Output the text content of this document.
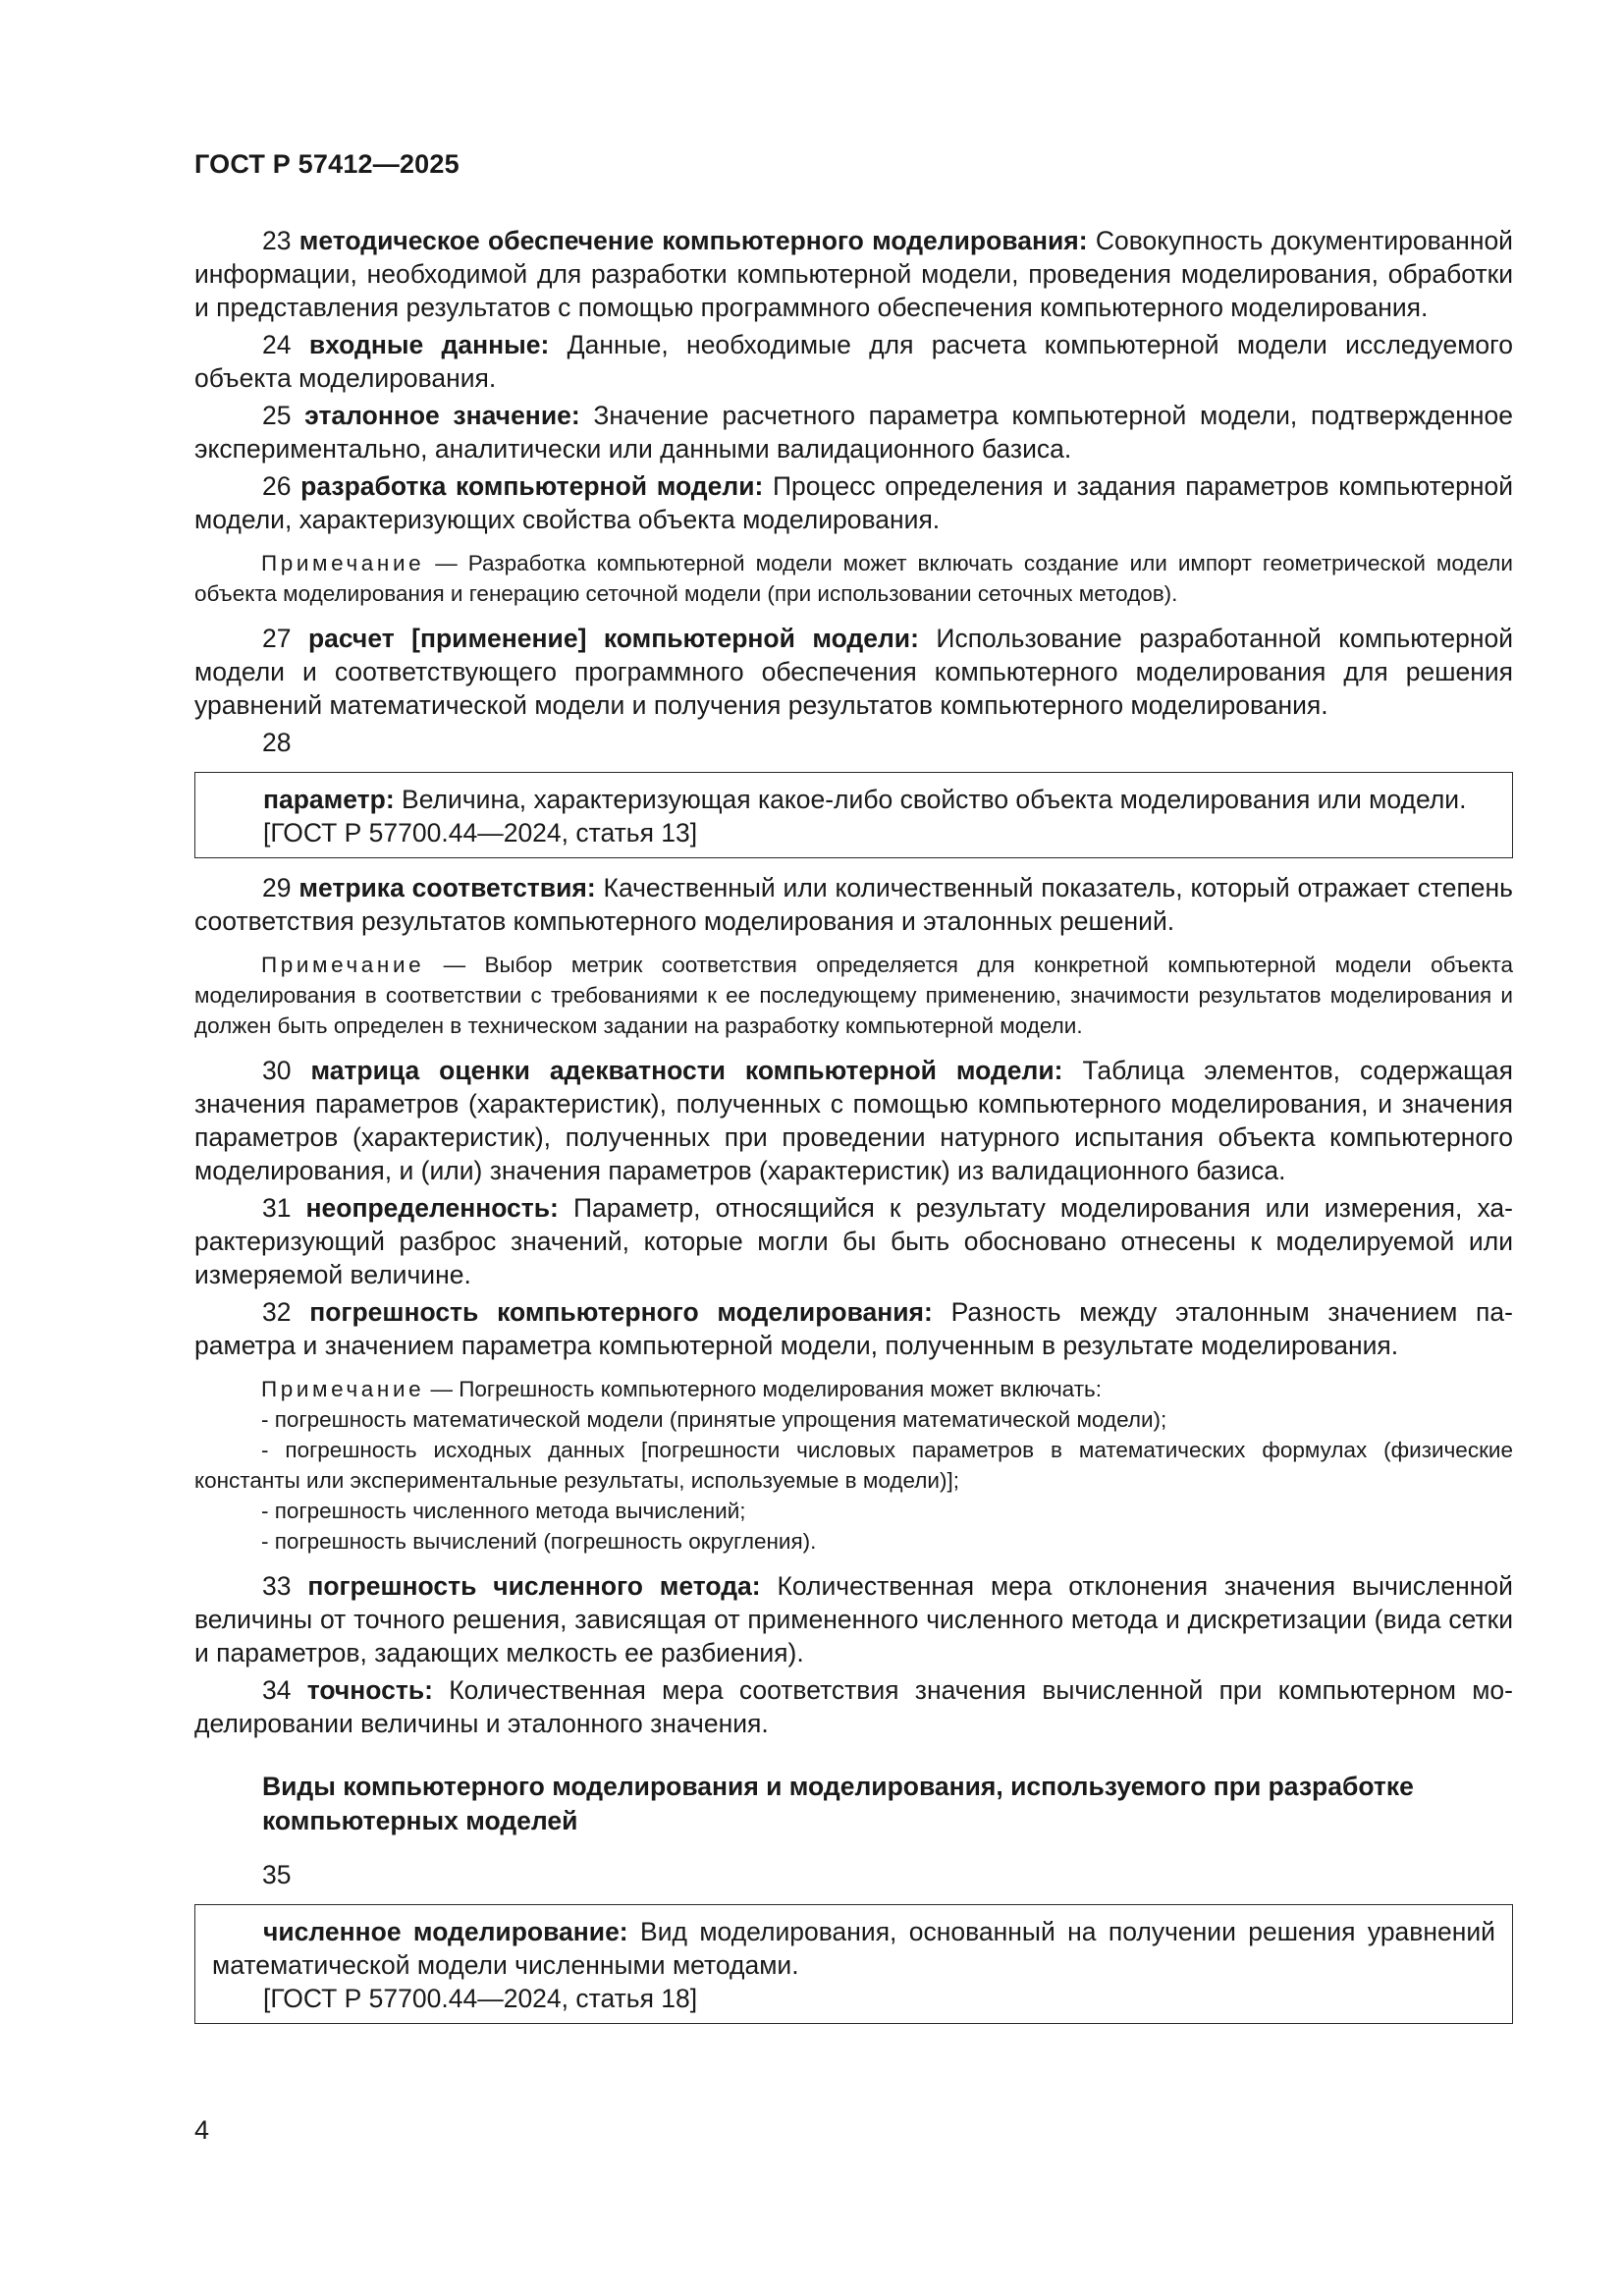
ГОСТ Р 57412—2025

23 методическое обеспечение компьютерного моделирования: Совокупность документированной информации, необходимой для разработки компьютерной модели, проведения моделирования, обработки и представления результатов с помощью программного обеспечения компьютерного моделирования.

24 входные данные: Данные, необходимые для расчета компьютерной модели исследуемого объекта моделирования.

25 эталонное значение: Значение расчетного параметра компьютерной модели, подтвержденное экспериментально, аналитически или данными валидационного базиса.

26 разработка компьютерной модели: Процесс определения и задания параметров компьютерной модели, характеризующих свойства объекта моделирования.

Примечание — Разработка компьютерной модели может включать создание или импорт геометрической модели объекта моделирования и генерацию сеточной модели (при использовании сеточных методов).

27 расчет [применение] компьютерной модели: Использование разработанной компьютерной модели и соответствующего программного обеспечения компьютерного моделирования для решения уравнений математической модели и получения результатов компьютерного моделирования.

28

параметр: Величина, характеризующая какое-либо свойство объекта моделирования или модели.

[ГОСТ Р 57700.44—2024, статья 13]

29 метрика соответствия: Качественный или количественный показатель, который отражает степень соответствия результатов компьютерного моделирования и эталонных решений.

Примечание — Выбор метрик соответствия определяется для конкретной компьютерной модели объекта моделирования в соответствии с требованиями к ее последующему применению, значимости результатов моделирования и должен быть определен в техническом задании на разработку компьютерной модели.

30 матрица оценки адекватности компьютерной модели: Таблица элементов, содержащая значения параметров (характеристик), полученных с помощью компьютерного моделирования, и значения параметров (характеристик), полученных при проведении натурного испытания объекта компьютерного моделирования, и (или) значения параметров (характеристик) из валидационного базиса.

31 неопределенность: Параметр, относящийся к результату моделирования или измерения, характеризующий разброс значений, которые могли бы быть обосновано отнесены к моделируемой или измеряемой величине.

32 погрешность компьютерного моделирования: Разность между эталонным значением параметра и значением параметра компьютерной модели, полученным в результате моделирования.

Примечание — Погрешность компьютерного моделирования может включать:

- погрешность математической модели (принятые упрощения математической модели);

- погрешность исходных данных [погрешности числовых параметров в математических формулах (физические константы или экспериментальные результаты, используемые в модели)];

- погрешность численного метода вычислений;

- погрешность вычислений (погрешность округления).

33 погрешность численного метода: Количественная мера отклонения значения вычисленной величины от точного решения, зависящая от примененного численного метода и дискретизации (вида сетки и параметров, задающих мелкость ее разбиения).

34 точность: Количественная мера соответствия значения вычисленной при компьютерном моделировании величины и эталонного значения.

Виды компьютерного моделирования и моделирования, используемого при разработке компьютерных моделей

35

численное моделирование: Вид моделирования, основанный на получении решения уравнений математической модели численными методами.

[ГОСТ Р 57700.44—2024, статья 18]

4
